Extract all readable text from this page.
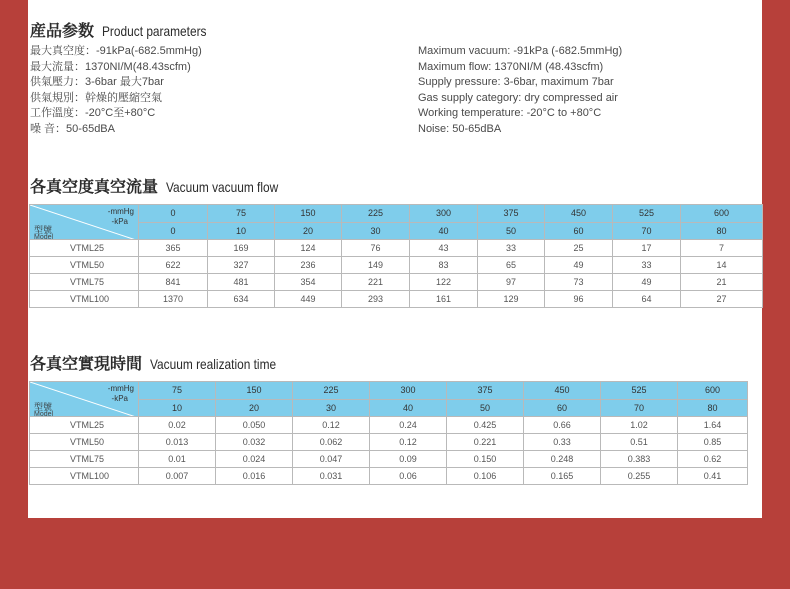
産品参数 Product parameters
最大真空度：-91kPa(-682.5mmHg)
最大流量：1370NI/M(48.43scfm)
供氣壓力：3-6bar 最大7bar
供氣規別：幹燥的壓縮空氣
工作溫度：-20°C至+80°C
噪 音：50-65dBA
Maximum vacuum: -91kPa (-682.5mmHg)
Maximum flow: 1370NI/M (48.43scfm)
Supply pressure: 3-6bar, maximum 7bar
Gas supply category: dry compressed air
Working temperature: -20°C to +80°C
Noise: 50-65dBA
各真空度真空流量 Vacuum vacuum flow
-mmHg
-kPa
型號
Model	0	75	150	225	300	375	450	525	600
	0	10	20	30	40	50	60	70	80
VTML25	365	169	124	76	43	33	25	17	7
VTML50	622	327	236	149	83	65	49	33	14
VTML75	841	481	354	221	122	97	73	49	21
VTML100	1370	634	449	293	161	129	96	64	27
各真空實現時間 Vacuum realization time
-mmHg
-kPa
型號
Model	75	150	225	300	375	450	525	600
	10	20	30	40	50	60	70	80
VTML25	0.02	0.050	0.12	0.24	0.425	0.66	1.02	1.64
VTML50	0.013	0.032	0.062	0.12	0.221	0.33	0.51	0.85
VTML75	0.01	0.024	0.047	0.09	0.150	0.248	0.383	0.62
VTML100	0.007	0.016	0.031	0.06	0.106	0.165	0.255	0.41
